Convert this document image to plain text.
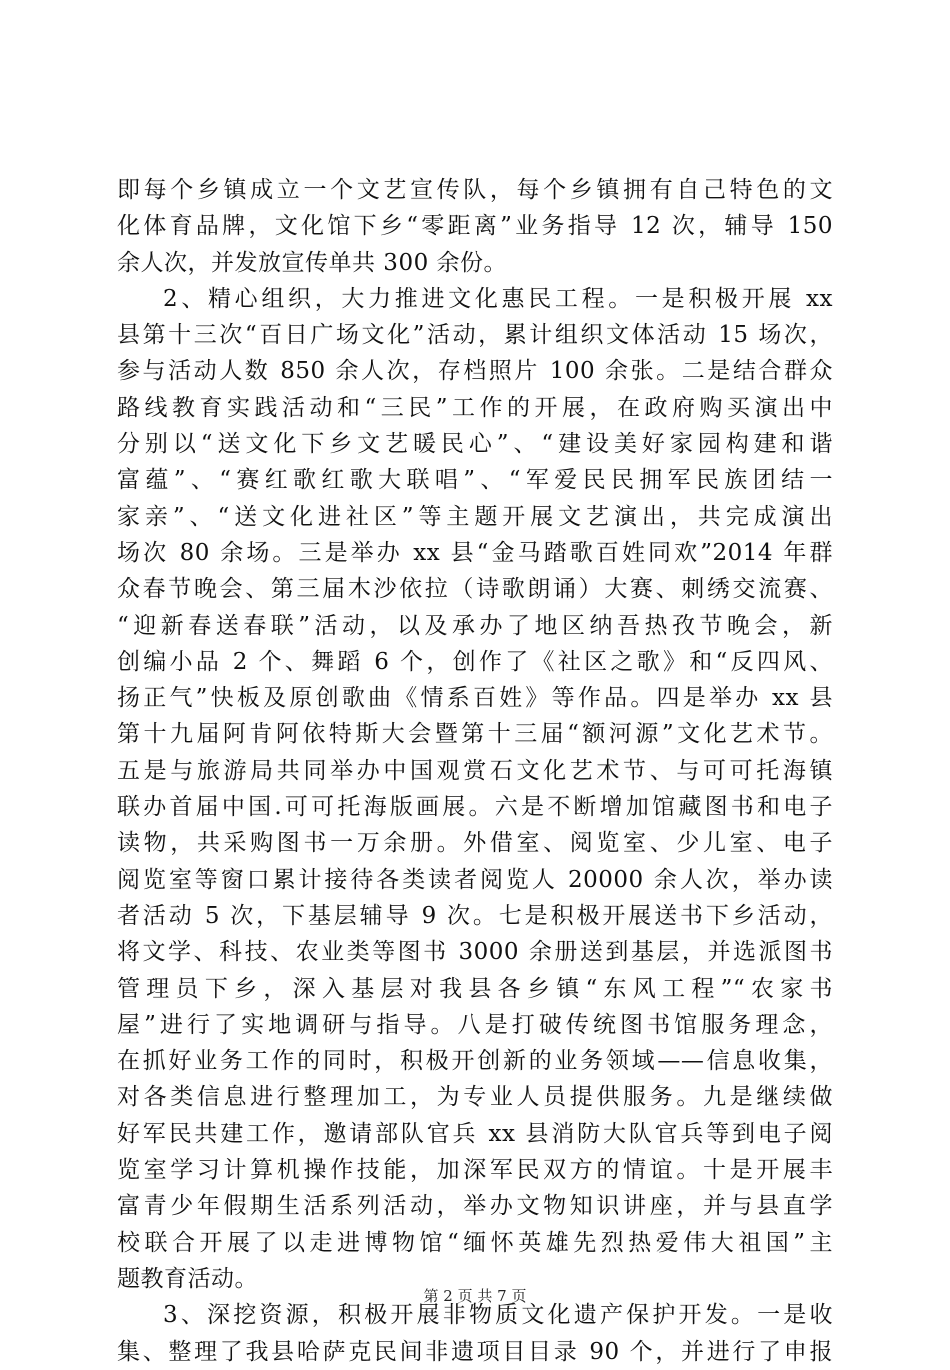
即每个乡镇成立一个文艺宣传队，每个乡镇拥有自己特色的文
化体育品牌，文化馆下乡“零距离”业务指导 12 次，辅导 150
余人次，并发放宣传单共 300 余份。
2、精心组织，大力推进文化惠民工程。一是积极开展 xx
县第十三次“百日广场文化”活动，累计组织文体活动 15 场次，
参与活动人数 850 余人次，存档照片 100 余张。二是结合群众
路线教育实践活动和“三民”工作的开展，在政府购买演出中
分别以“送文化下乡文艺暖民心”、“建设美好家园构建和谐
富蕴”、“赛红歌红歌大联唱”、“军爱民民拥军民族团结一
家亲”、“送文化进社区”等主题开展文艺演出，共完成演出
场次 80 余场。三是举办 xx 县“金马踏歌百姓同欢”2014 年群
众春节晚会、第三届木沙依拉（诗歌朗诵）大赛、刺绣交流赛、
“迎新春送春联”活动，以及承办了地区纳吾热孜节晚会，新
创编小品 2 个、舞蹈 6 个，创作了《社区之歌》和“反四风、
扬正气”快板及原创歌曲《情系百姓》等作品。四是举办 xx 县
第十九届阿肯阿依特斯大会暨第十三届“额河源”文化艺术节。
五是与旅游局共同举办中国观赏石文化艺术节、与可可托海镇
联办首届中国.可可托海版画展。六是不断增加馆藏图书和电子
读物，共采购图书一万余册。外借室、阅览室、少儿室、电子
阅览室等窗口累计接待各类读者阅览人 20000 余人次，举办读
者活动 5 次，下基层辅导 9 次。七是积极开展送书下乡活动，
将文学、科技、农业类等图书 3000 余册送到基层，并选派图书
管理员下乡，深入基层对我县各乡镇“东风工程”“农家书
屋”进行了实地调研与指导。八是打破传统图书馆服务理念，
在抓好业务工作的同时，积极开创新的业务领域——信息收集，
对各类信息进行整理加工，为专业人员提供服务。九是继续做
好军民共建工作，邀请部队官兵 xx 县消防大队官兵等到电子阅
览室学习计算机操作技能，加深军民双方的情谊。十是开展丰
富青少年假期生活系列活动，举办文物知识讲座，并与县直学
校联合开展了以走进博物馆“缅怀英雄先烈热爱伟大祖国”主
题教育活动。
3、深挖资源，积极开展非物质文化遗产保护开发。一是收
集、整理了我县哈萨克民间非遗项目目录 90 个，并进行了申报
第 2 页 共 7 页
